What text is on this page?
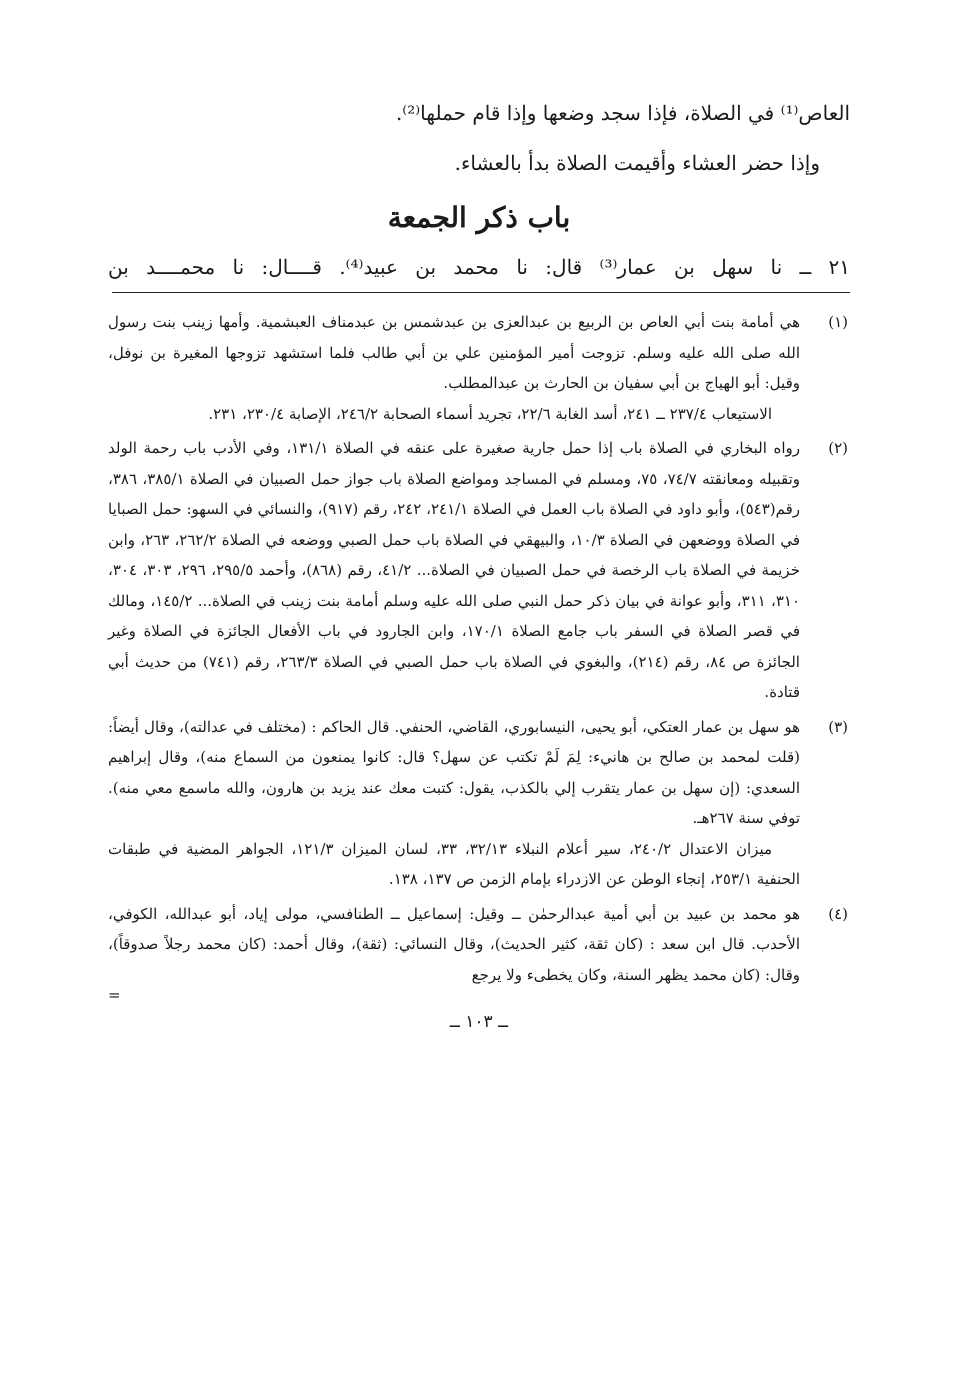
العاص⁽¹⁾ في الصلاة، فإذا سجد وضعها وإذا قام حملها⁽²⁾.

وإذا حضر العشاء وأقيمت الصلاة بدأ بالعشاء.

باب ذكر الجمعة

٢١ ــ نا سهل بن عمار⁽³⁾ قال: نا محمد بن عبيد⁽⁴⁾. قــــال: نا محمــــد بن

(١)

هي أمامة بنت أبي العاص بن الربيع بن عبدالعزى بن عبدشمس بن عبدمناف العبشمية. وأمها زينب بنت رسول الله صلى الله عليه وسلم. تزوجت أمير المؤمنين علي بن أبي طالب فلما استشهد تزوجها المغيرة بن نوفل، وقيل: أبو الهياج بن أبي سفيان بن الحارث بن عبدالمطلب.

الاستيعاب ٢٣٧/٤ ــ ٢٤١، أسد الغابة ٢٢/٦، تجريد أسماء الصحابة ٢٤٦/٢، الإصابة ٢٣٠/٤، ٢٣١.

(٢)

رواه البخاري في الصلاة باب إذا حمل جارية صغيرة على عنقه في الصلاة ١٣١/١، وفي الأدب باب رحمة الولد وتقبيله ومعانقته ٧٤/٧، ٧٥، ومسلم في المساجد ومواضع الصلاة باب جواز حمل الصبيان في الصلاة ٣٨٥/١، ٣٨٦، رقم(٥٤٣)، وأبو داود في الصلاة باب العمل في الصلاة ٢٤١/١، ٢٤٢، رقم (٩١٧)، والنسائي في السهو: حمل الصبايا في الصلاة ووضعهن في الصلاة ١٠/٣، والبيهقي في الصلاة باب حمل الصبي ووضعه في الصلاة ٢٦٢/٢، ٢٦٣، وابن خزيمة في الصلاة باب الرخصة في حمل الصبيان في الصلاة... ٤١/٢، رقم (٨٦٨)، وأحمد ٢٩٥/٥، ٢٩٦، ٣٠٣، ٣٠٤، ٣١٠، ٣١١، وأبو عوانة في بيان ذكر حمل النبي صلى الله عليه وسلم أمامة بنت زينب في الصلاة... ١٤٥/٢، ومالك في قصر الصلاة في السفر باب جامع الصلاة ١٧٠/١، وابن الجارود في باب الأفعال الجائزة في الصلاة وغير الجائزة ص ٨٤، رقم (٢١٤)، والبغوي في الصلاة باب حمل الصبي في الصلاة ٢٦٣/٣، رقم (٧٤١) من حديث أبي قتادة.

(٣)

هو سهل بن عمار العتكي، أبو يحيى، النيسابوري، القاضي، الحنفي. قال الحاكم : (مختلف في عدالته)، وقال أيضاً: (قلت لمحمد بن صالح بن هانيء: لِمَ لَمْ تكتب عن سهل؟ قال: كانوا يمنعون من السماع منه)، وقال إبراهيم السعدي: (إن سهل بن عمار يتقرب إلي بالكذب، يقول: كتبت معك عند يزيد بن هارون، والله ماسمع معي منه). توفي سنة ٢٦٧هـ.

ميزان الاعتدال ٢٤٠/٢، سير أعلام النبلاء ٣٢/١٣، ٣٣، لسان الميزان ١٢١/٣، الجواهر المضية في طبقات الحنفية ٢٥٣/١، إنجاء الوطن عن الازدراء بإمام الزمن ص ١٣٧، ١٣٨.

(٤)

هو محمد بن عبيد بن أبي أمية عبدالرحمٰن ــ وقيل: إسماعيل ــ الطنافسي، مولى إياد، أبو عبدالله، الكوفي، الأحدب. قال ابن سعد : (كان ثقة، كثير الحديث)، وقال النسائي: (ثقة)، وقال أحمد: (كان محمد رجلاً صدوقاً)، وقال: (كان محمد يظهر السنة، وكان يخطىء ولا يرجع

=
ــ ١٠٣ ــ
